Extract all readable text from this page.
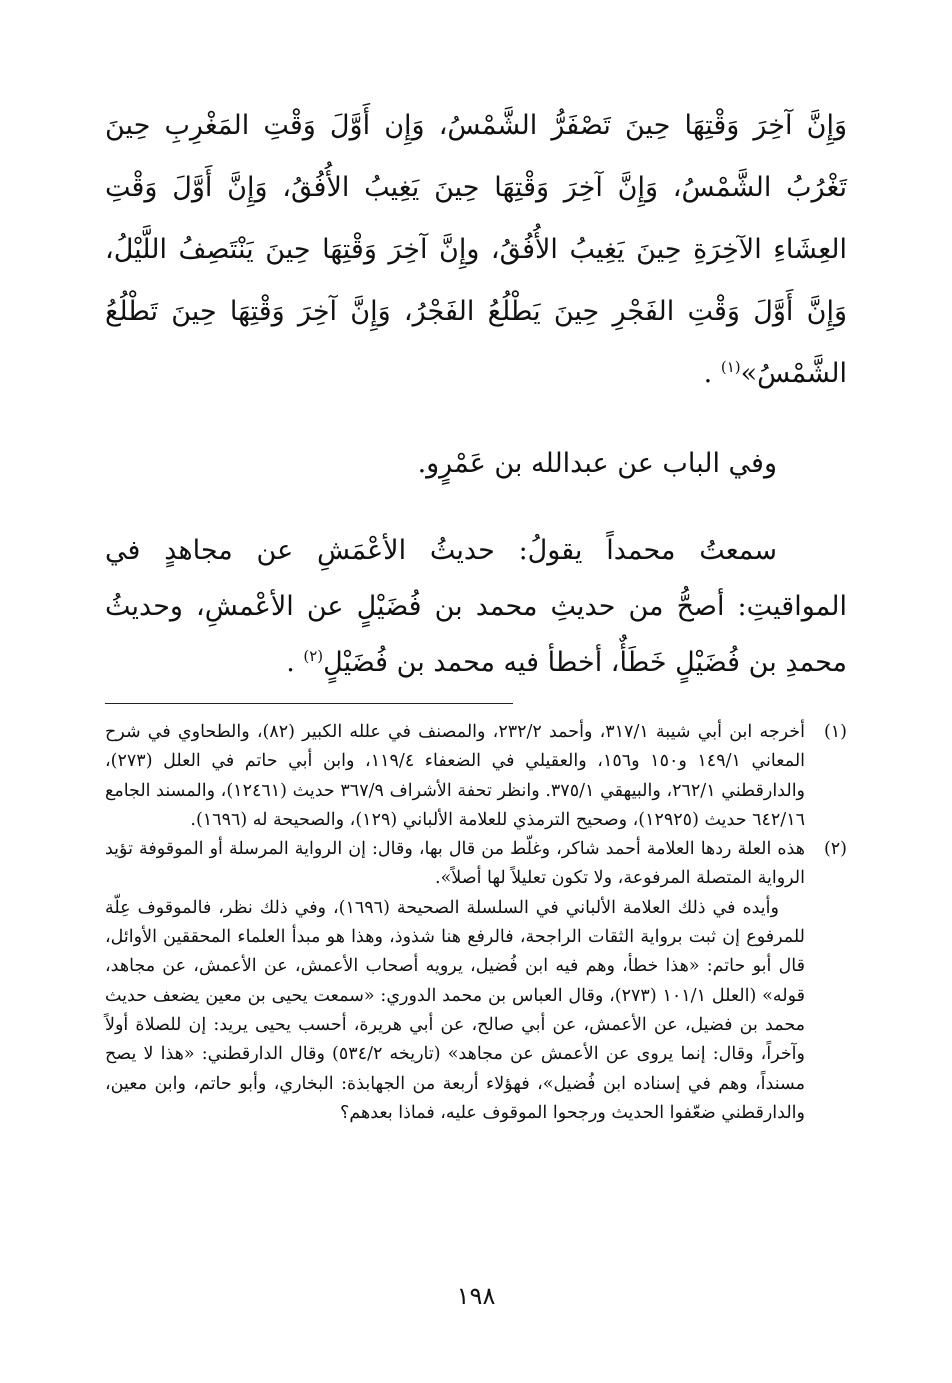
وَإِنَّ آخِرَ وَقْتِهَا حِينَ تَصْفَرُّ الشَّمْسُ، وَإِن أَوَّلَ وَقْتِ المَغْرِبِ حِينَ تَغْرُبُ الشَّمْسُ، وَإِنَّ آخِرَ وَقْتِهَا حِينَ يَغِيبُ الأُفُقُ، وَإِنَّ أَوَّلَ وَقْتِ العِشَاءِ الآخِرَةِ حِينَ يَغِيبُ الأُفُقُ، وإِنَّ آخِرَ وَقْتِهَا حِينَ يَنْتَصِفُ اللَّيْلُ، وَإِنَّ أَوَّلَ وَقْتِ الفَجْرِ حِينَ يَطْلُعُ الفَجْرُ، وَإِنَّ آخِرَ وَقْتِهَا حِينَ تَطْلُعُ الشَّمْسُ»$^{(١)}$ .

وفي الباب عن عبدالله بن عَمْرٍو.

سمعتُ محمداً يقولُ: حديثُ الأعْمَشِ عن مجاهدٍ في المواقيتِ: أصحُّ من حديثِ محمد بن فُضَيْلٍ عن الأعْمشِ، وحديثُ محمدِ بن فُضَيْلٍ خَطَأٌ، أخطأ فيه محمد بن فُضَيْلٍ$^{(٢)}$ .

(١)

أخرجه ابن أبي شيبة ٣١٧/١، وأحمد ٢٣٢/٢، والمصنف في علله الكبير (٨٢)، والطحاوي في شرح المعاني ١٤٩/١ و١٥٠ و١٥٦، والعقيلي في الضعفاء ١١٩/٤، وابن أبي حاتم في العلل (٢٧٣)، والدارقطني ٢٦٢/١، والبيهقي ٣٧٥/١. وانظر تحفة الأشراف ٣٦٧/٩ حديث (١٢٤٦١)، والمسند الجامع ٦٤٢/١٦ حديث (١٢٩٢٥)، وصحيح الترمذي للعلامة الألباني (١٢٩)، والصحيحة له (١٦٩٦).

(٢)

هذه العلة ردها العلامة أحمد شاكر، وغلّط من قال بها، وقال: إن الرواية المرسلة أو الموقوفة تؤيد الرواية المتصلة المرفوعة، ولا تكون تعليلاً لها أصلاً».

وأيده في ذلك العلامة الألباني في السلسلة الصحيحة (١٦٩٦)، وفي ذلك نظر، فالموقوف عِلّة للمرفوع إن ثبت برواية الثقات الراجحة، فالرفع هنا شذوذ، وهذا هو مبدأ العلماء المحققين الأوائل، قال أبو حاتم: «هذا خطأ، وهم فيه ابن فُضيل، يرويه أصحاب الأعمش، عن الأعمش، عن مجاهد، قوله» (العلل ١٠١/١ (٢٧٣)، وقال العباس بن محمد الدوري: «سمعت يحيى بن معين يضعف حديث محمد بن فضيل، عن الأعمش، عن أبي صالح، عن أبي هريرة، أحسب يحيى يريد: إن للصلاة أولاً وآخراً، وقال: إنما يروى عن الأعمش عن مجاهد» (تاريخه ٥٣٤/٢) وقال الدارقطني: «هذا لا يصح مسنداً، وهم في إسناده ابن فُضيل»، فهؤلاء أربعة من الجهابذة: البخاري، وأبو حاتم، وابن معين، والدارقطني ضعّفوا الحديث ورجحوا الموقوف عليه، فماذا بعدهم؟

١٩٨
